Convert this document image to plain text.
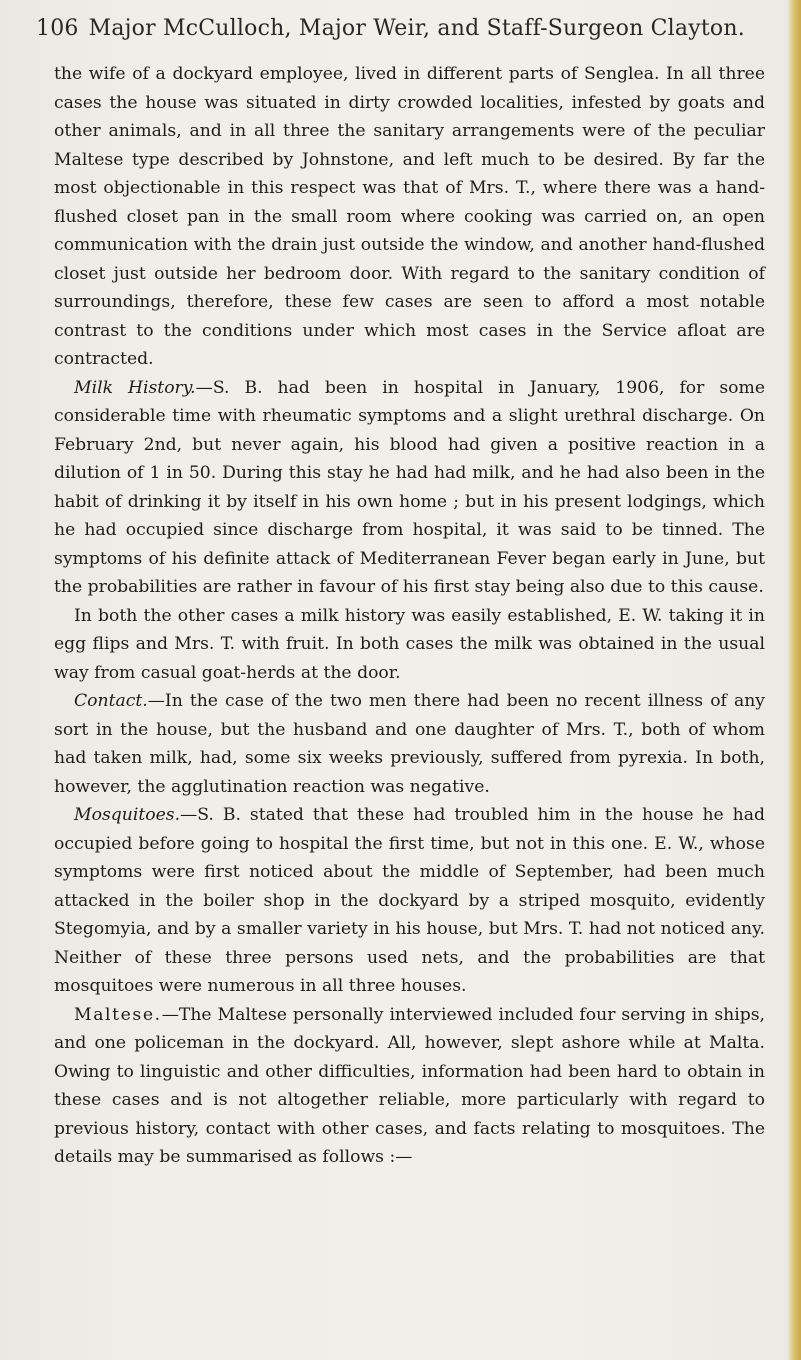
106 Major McCulloch, Major Weir, and Staff-Surgeon Clayton.

the wife of a dockyard employee, lived in different parts of Senglea. In all three cases the house was situated in dirty crowded localities, infested by goats and other animals, and in all three the sanitary arrangements were of the peculiar Maltese type described by Johnstone, and left much to be desired. By far the most objectionable in this respect was that of Mrs. T., where there was a hand-flushed closet pan in the small room where cooking was carried on, an open communication with the drain just outside the window, and another hand-flushed closet just outside her bedroom door. With regard to the sanitary condition of surroundings, therefore, these few cases are seen to afford a most notable contrast to the conditions under which most cases in the Service afloat are contracted.

Milk History.—S. B. had been in hospital in January, 1906, for some considerable time with rheumatic symptoms and a slight urethral discharge. On February 2nd, but never again, his blood had given a positive reaction in a dilution of 1 in 50. During this stay he had had milk, and he had also been in the habit of drinking it by itself in his own home ; but in his present lodgings, which he had occupied since discharge from hospital, it was said to be tinned. The symptoms of his definite attack of Mediterranean Fever began early in June, but the probabilities are rather in favour of his first stay being also due to this cause.

In both the other cases a milk history was easily established, E. W. taking it in egg flips and Mrs. T. with fruit. In both cases the milk was obtained in the usual way from casual goat-herds at the door.

Contact.—In the case of the two men there had been no recent illness of any sort in the house, but the husband and one daughter of Mrs. T., both of whom had taken milk, had, some six weeks previously, suffered from pyrexia. In both, however, the agglutination reaction was negative.

Mosquitoes.—S. B. stated that these had troubled him in the house he had occupied before going to hospital the first time, but not in this one. E. W., whose symptoms were first noticed about the middle of September, had been much attacked in the boiler shop in the dockyard by a striped mosquito, evidently Stegomyia, and by a smaller variety in his house, but Mrs. T. had not noticed any. Neither of these three persons used nets, and the probabilities are that mosquitoes were numerous in all three houses.

Maltese.—The Maltese personally interviewed included four serving in ships, and one policeman in the dockyard. All, however, slept ashore while at Malta. Owing to linguistic and other difficulties, information had been hard to obtain in these cases and is not altogether reliable, more particularly with regard to previous history, contact with other cases, and facts relating to mosquitoes. The details may be summarised as follows :—
